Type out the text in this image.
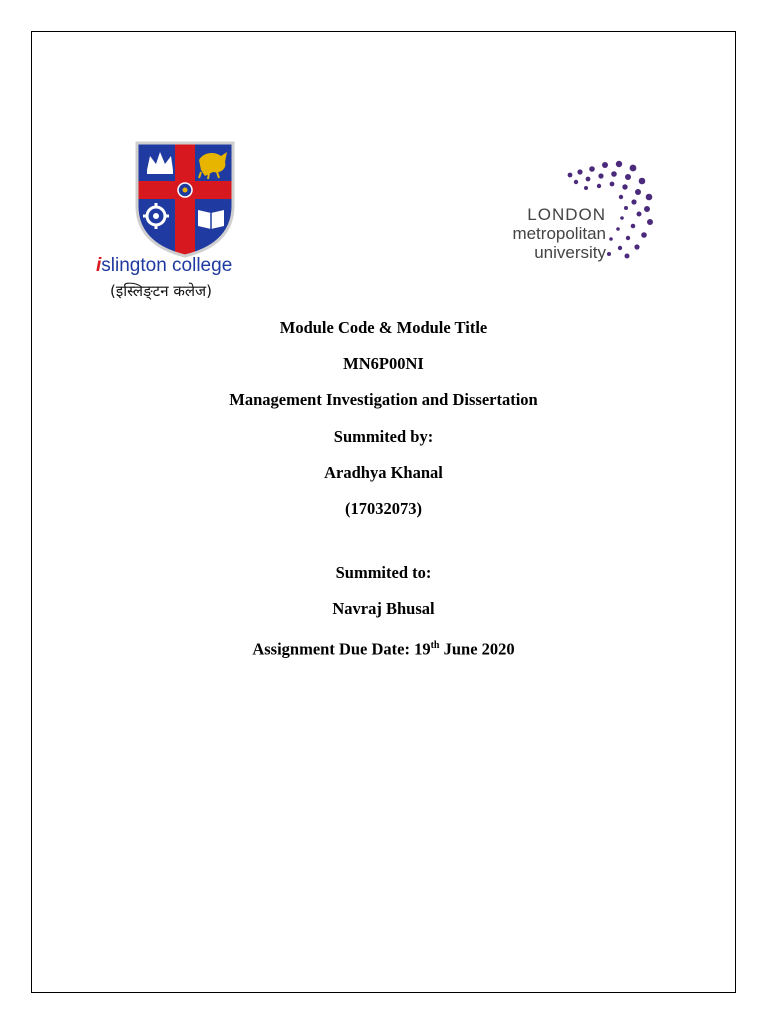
islington college
(इस्लिङ्टन कलेज)
LONDON
metropolitan
university
Module Code & Module Title
MN6P00NI
Management Investigation and Dissertation
Summited by:
Aradhya Khanal
(17032073)
Summited to:
Navraj Bhusal
Assignment Due Date: 19th June 2020
